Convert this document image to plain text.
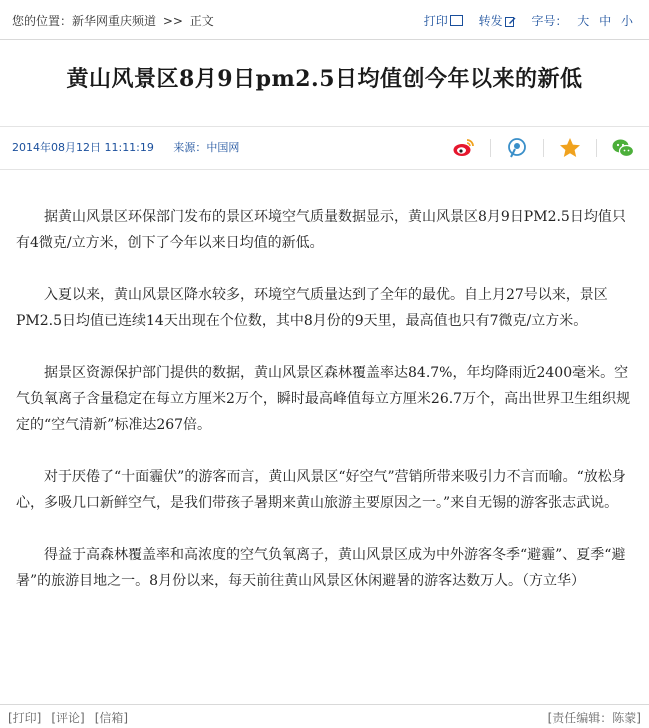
您的位置：新华网重庆频道 >> 正文	打印	转发 字号： 大 中 小
黄山风景区8月9日pm2.5日均值创今年以来的新低
2014年08月12日 11:11:19 来源：中国网

据黄山风景区环保部门发布的景区环境空气质量数据显示，黄山风景区8月9日PM2.5日均值只有4微克/立方米，创下了今年以来日均值的新低。

入夏以来，黄山风景区降水较多，环境空气质量达到了全年的最优。自上月27号以来，景区PM2.5日均值已连续14天出现在个位数，其中8月份的9天里，最高值也只有7微克/立方米。

据景区资源保护部门提供的数据，黄山风景区森林覆盖率达84.7%，年均降雨近2400毫米。空气负氧离子含量稳定在每立方厘米2万个，瞬时最高峰值每立方厘米26.7万个，高出世界卫生组织规定的“空气清新”标准达267倍。

对于厌倦了“十面霾伏”的游客而言，黄山风景区“好空气”营销所带来吸引力不言而喻。“放松身心，多吸几口新鲜空气，是我们带孩子暑期来黄山旅游主要原因之一。”来自无锡的游客张志武说。

得益于高森林覆盖率和高浓度的空气负氧离子，黄山风景区成为中外游客冬季“避霾”、夏季“避暑”的旅游目地之一。8月份以来，每天前往黄山风景区休闲避暑的游客达数万人。（方立华）

[打印] [评论] [信箱]	[责任编辑：陈蒙]
